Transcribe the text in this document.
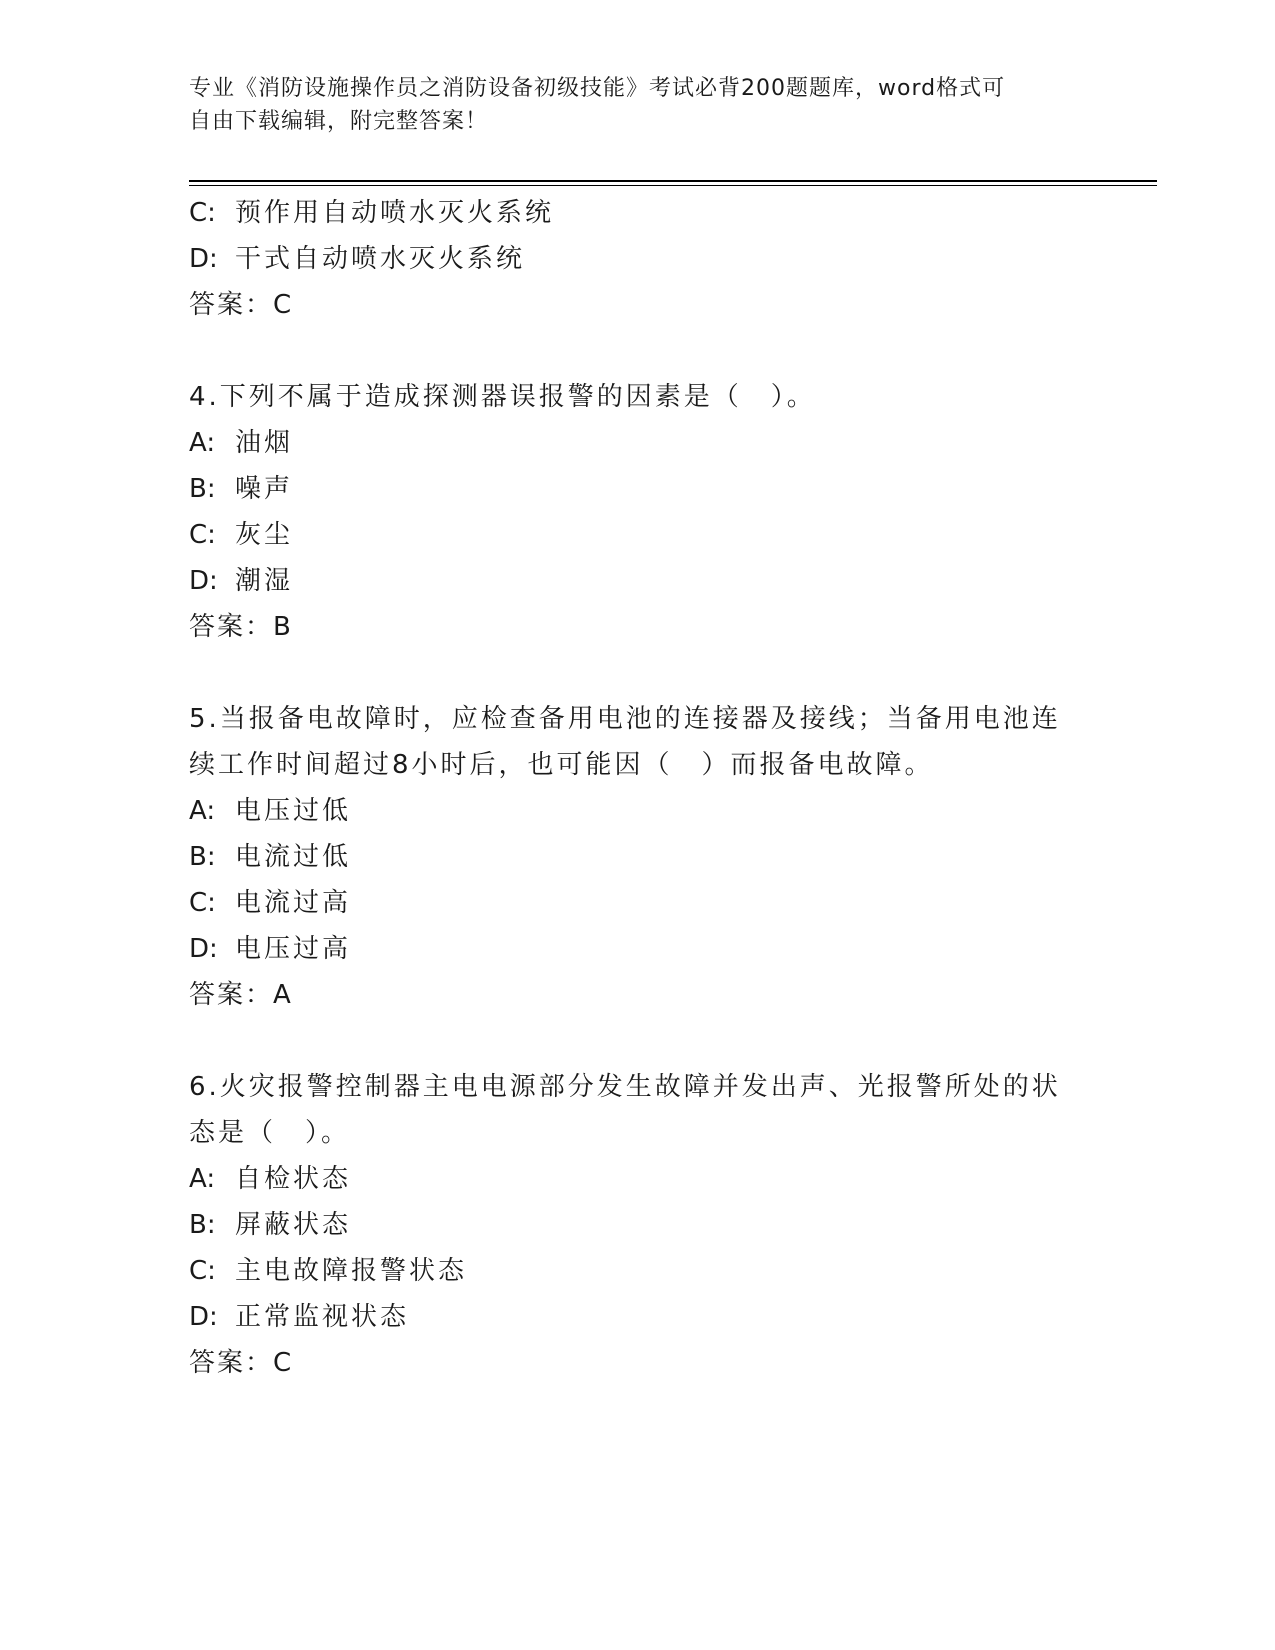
专业《消防设施操作员之消防设备初级技能》考试必背200题题库，word格式可
自由下载编辑，附完整答案！
C: 预作用自动喷水灭火系统
D: 干式自动喷水灭火系统
答案：C
4.下列不属于造成探测器误报警的因素是（　）。
A: 油烟
B: 噪声
C: 灰尘
D: 潮湿
答案：B
5.当报备电故障时，应检查备用电池的连接器及接线；当备用电池连
续工作时间超过8小时后，也可能因（　）而报备电故障。
A: 电压过低
B: 电流过低
C: 电流过高
D: 电压过高
答案：A
6.火灾报警控制器主电电源部分发生故障并发出声、光报警所处的状
态是（　）。
A: 自检状态
B: 屏蔽状态
C: 主电故障报警状态
D: 正常监视状态
答案：C
